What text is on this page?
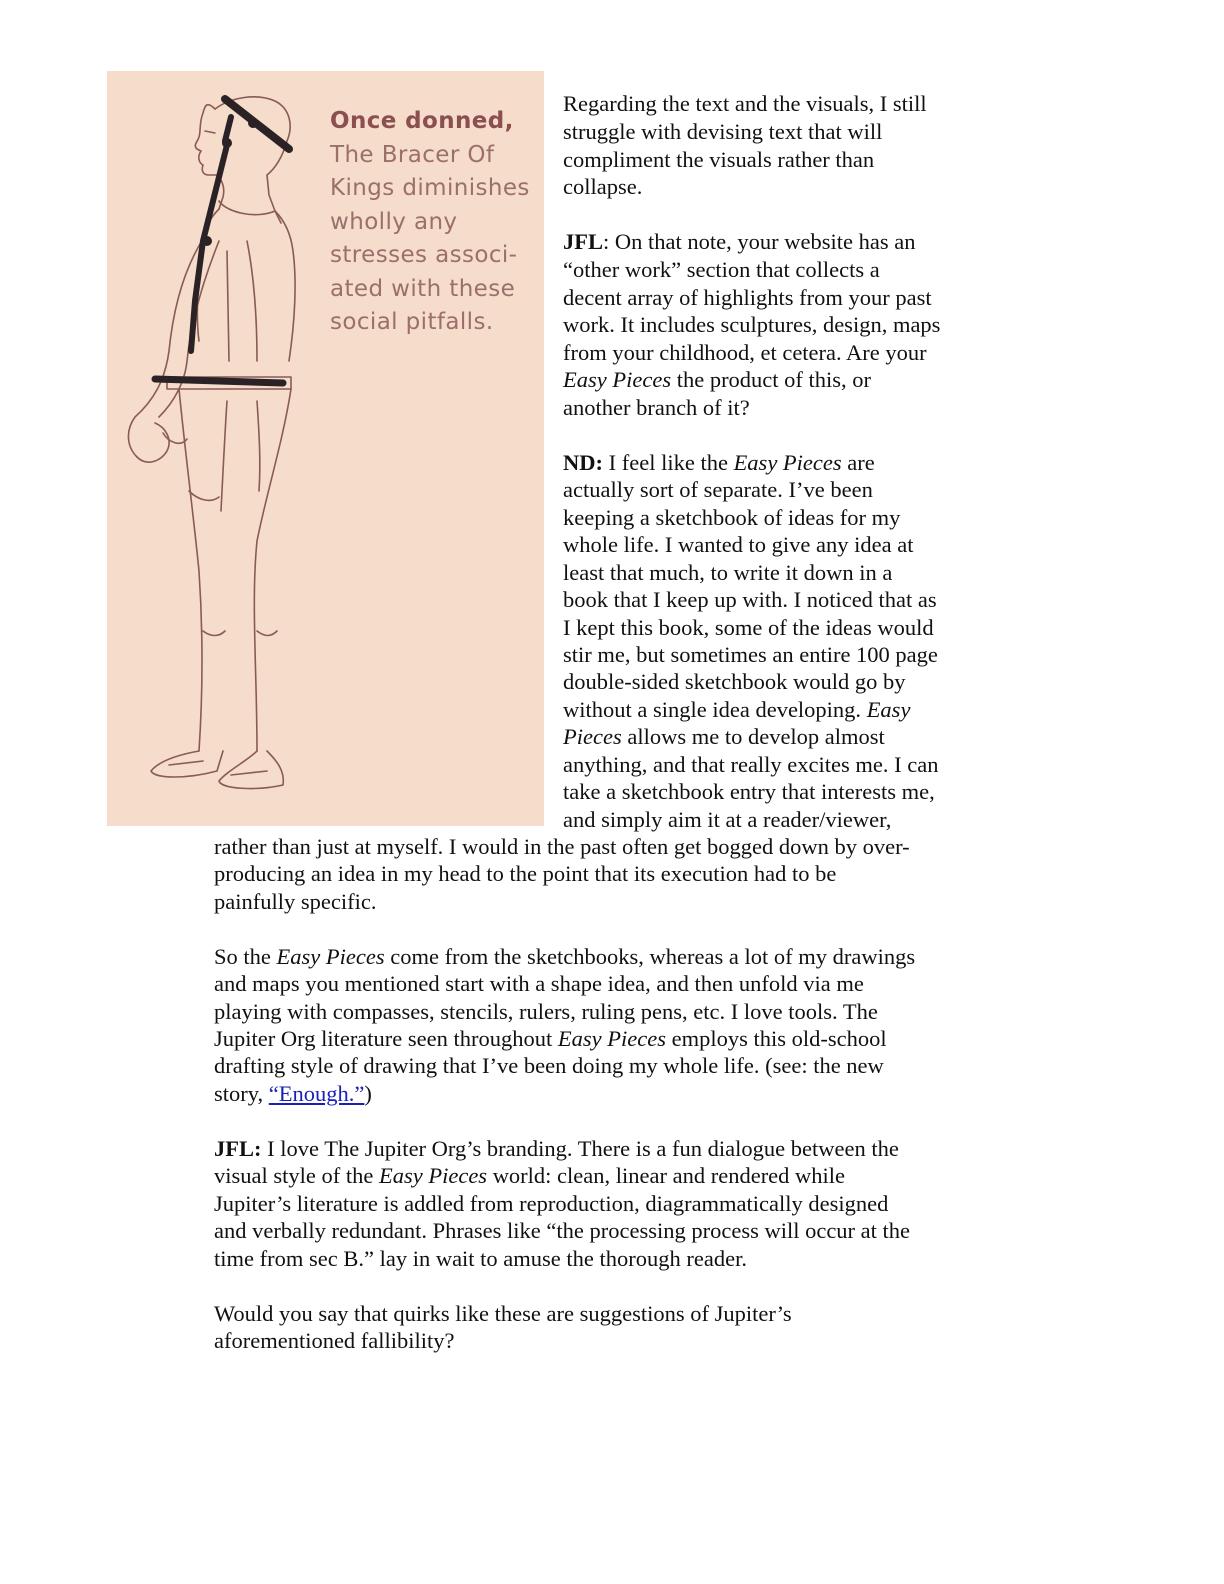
Once donned, The Bracer Of Kings diminishes wholly any stresses associ-ated with these social pitfalls.
Regarding the text and the visuals, I still
struggle with devising text that will
compliment the visuals rather than
collapse.
JFL: On that note, your website has an
“other work” section that collects a
decent array of highlights from your past
work. It includes sculptures, design, maps
from your childhood, et cetera. Are your
Easy Pieces the product of this, or
another branch of it?
ND: I feel like the Easy Pieces are
actually sort of separate. I’ve been
keeping a sketchbook of ideas for my
whole life. I wanted to give any idea at
least that much, to write it down in a
book that I keep up with. I noticed that as
I kept this book, some of the ideas would
stir me, but sometimes an entire 100 page
double-sided sketchbook would go by
without a single idea developing. Easy
Pieces allows me to develop almost
anything, and that really excites me. I can
take a sketchbook entry that interests me,
and simply aim it at a reader/viewer,
rather than just at myself. I would in the past often get bogged down by over-
producing an idea in my head to the point that its execution had to be
painfully specific.
So the Easy Pieces come from the sketchbooks, whereas a lot of my drawings
and maps you mentioned start with a shape idea, and then unfold via me
playing with compasses, stencils, rulers, ruling pens, etc. I love tools. The
Jupiter Org literature seen throughout Easy Pieces employs this old-school
drafting style of drawing that I’ve been doing my whole life. (see: the new
story, “Enough.”)
JFL: I love The Jupiter Org’s branding. There is a fun dialogue between the
visual style of the Easy Pieces world: clean, linear and rendered while
Jupiter’s literature is addled from reproduction, diagrammatically designed
and verbally redundant. Phrases like “the processing process will occur at the
time from sec B.” lay in wait to amuse the thorough reader.
Would you say that quirks like these are suggestions of Jupiter’s
aforementioned fallibility?
